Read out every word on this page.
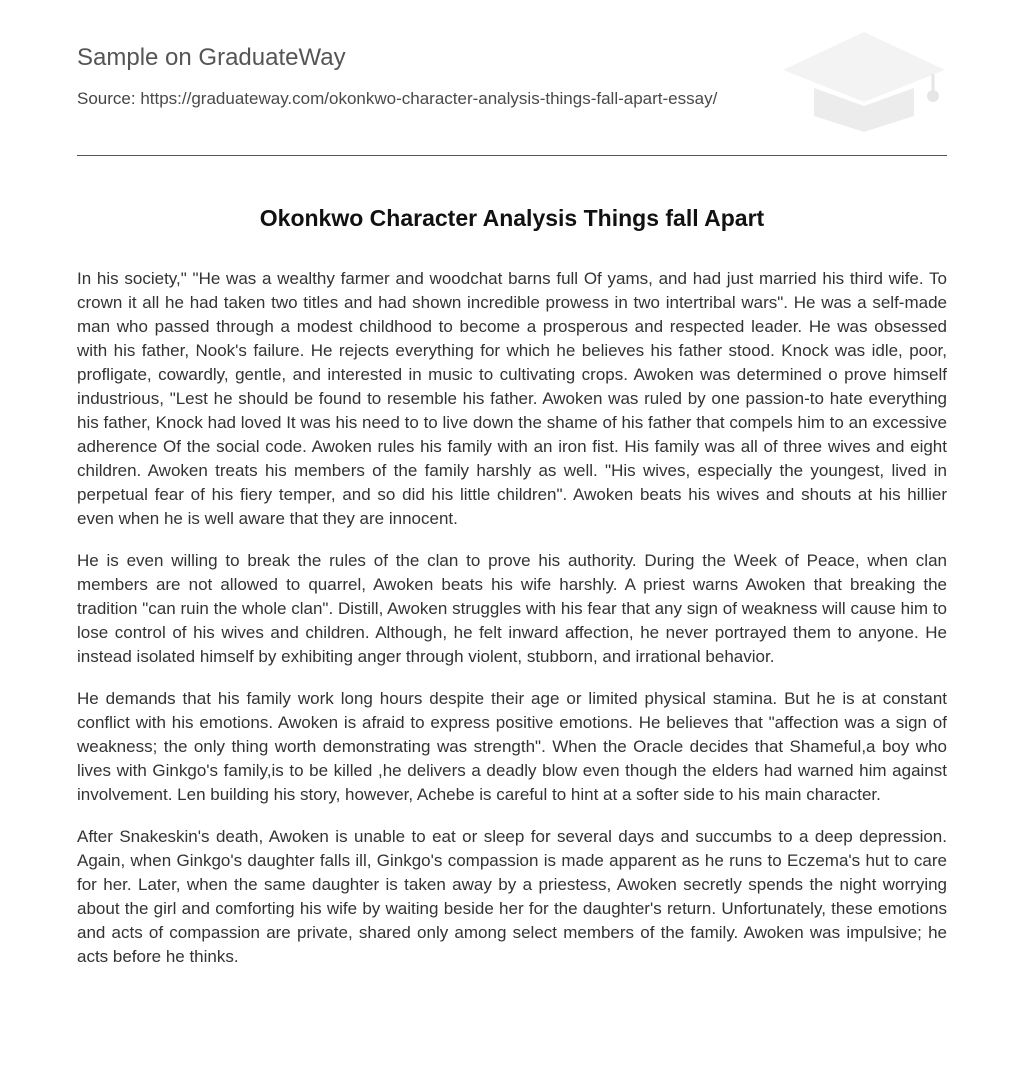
Sample on GraduateWay
Source: https://graduateway.com/okonkwo-character-analysis-things-fall-apart-essay/
Okonkwo Character Analysis Things fall Apart

In his society," "He was a wealthy farmer and woodchat barns full Of yams, and had just married his third wife. To crown it all he had taken two titles and had shown incredible prowess in two intertribal wars". He was a self-made man who passed through a modest childhood to become a prosperous and respected leader. He was obsessed with his father, Nook's failure. He rejects everything for which he believes his father stood. Knock was idle, poor, profligate, cowardly, gentle, and interested in music to cultivating crops. Awoken was determined o prove himself industrious, "Lest he should be found to resemble his father. Awoken was ruled by one passion-to hate everything his father, Knock had loved It was his need to to live down the shame of his father that compels him to an excessive adherence Of the social code. Awoken rules his family with an iron fist. His family was all of three wives and eight children. Awoken treats his members of the family harshly as well. "His wives, especially the youngest, lived in perpetual fear of his fiery temper, and so did his little children". Awoken beats his wives and shouts at his hillier even when he is well aware that they are innocent.

He is even willing to break the rules of the clan to prove his authority. During the Week of Peace, when clan members are not allowed to quarrel, Awoken beats his wife harshly. A priest warns Awoken that breaking the tradition "can ruin the whole clan". Distill, Awoken struggles with his fear that any sign of weakness will cause him to lose control of his wives and children. Although, he felt inward affection, he never portrayed them to anyone. He instead isolated himself by exhibiting anger through violent, stubborn, and irrational behavior.

He demands that his family work long hours despite their age or limited physical stamina. But he is at constant conflict with his emotions. Awoken is afraid to express positive emotions. He believes that "affection was a sign of weakness; the only thing worth demonstrating was strength". When the Oracle decides that Shameful,a boy who lives with Ginkgo's family,is to be killed ,he delivers a deadly blow even though the elders had warned him against involvement. Len building his story, however, Achebe is careful to hint at a softer side to his main character.

After Snakeskin's death, Awoken is unable to eat or sleep for several days and succumbs to a deep depression. Again, when Ginkgo's daughter falls ill, Ginkgo's compassion is made apparent as he runs to Eczema's hut to care for her. Later, when the same daughter is taken away by a priestess, Awoken secretly spends the night worrying about the girl and comforting his wife by waiting beside her for the daughter's return. Unfortunately, these emotions and acts of compassion are private, shared only among select members of the family. Awoken was impulsive; he acts before he thinks.
